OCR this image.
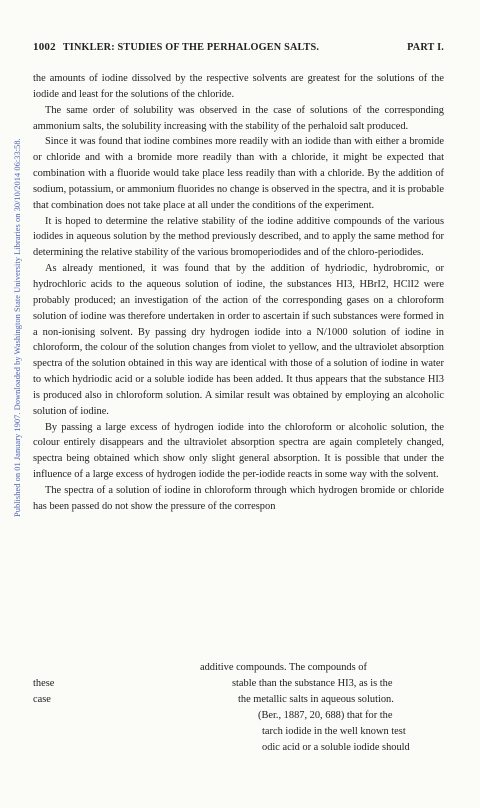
Published on 01 January 1907. Downloaded by Washington State University Libraries on 30/10/2014 06:33:58.
1002 TINKLER: STUDIES OF THE PERHALOGEN SALTS.	PART I.

the amounts of iodine dissolved by the respective solvents are greatest for the solutions of the iodide and least for the solutions of the chloride.

The same order of solubility was observed in the case of solutions of the corresponding ammonium salts, the solubility increasing with the stability of the perhaloid salt produced.

Since it was found that iodine combines more readily with an iodide than with either a bromide or chloride and with a bromide more readily than with a chloride, it might be expected that combination with a fluoride would take place less readily than with a chloride. By the addition of sodium, potassium, or ammonium fluorides no change is observed in the spectra, and it is probable that combination does not take place at all under the conditions of the experiment.

It is hoped to determine the relative stability of the iodine additive compounds of the various iodides in aqueous solution by the method previously described, and to apply the same method for determining the relative stability of the various bromoperiodides and of the chloro-periodides.

As already mentioned, it was found that by the addition of hydriodic, hydrobromic, or hydrochloric acids to the aqueous solution of iodine, the substances HI3, HBrI2, HClI2 were probably produced; an investigation of the action of the corresponding gases on a chloroform solution of iodine was therefore undertaken in order to ascertain if such substances were formed in a non-ionising solvent. By passing dry hydrogen iodide into a N/1000 solution of iodine in chloroform, the colour of the solution changes from violet to yellow, and the ultraviolet absorption spectra of the solution obtained in this way are identical with those of a solution of iodine in water to which hydriodic acid or a soluble iodide has been added. It thus appears that the substance HI3 is produced also in chloroform solution. A similar result was obtained by employing an alcoholic solution of iodine.

By passing a large excess of hydrogen iodide into the chloroform or alcoholic solution, the colour entirely disappears and the ultraviolet absorption spectra are again completely changed, spectra being obtained which show only slight general absorption. It is possible that under the influence of a large excess of hydrogen iodide the per-iodide reacts in some way with the solvent.

The spectra of a solution of iodine in chloroform through which hydrogen bromide or chloride has been passed do not show the pressure of the correspon

additive compounds. The compounds of
these	stable than the substance HI3, as is the
case	the metallic salts in aqueous solution.
(Ber., 1887, 20, 688) that for the
tarch iodide in the well known test
odic acid or a soluble iodide should
